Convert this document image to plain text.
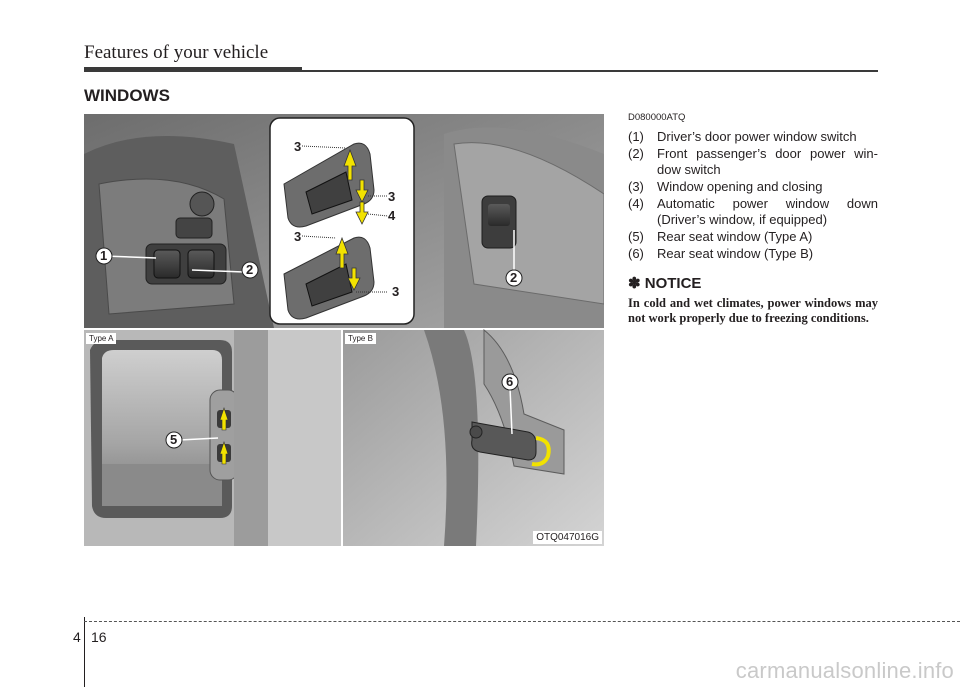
Features of your vehicle
WINDOWS
1
2
2
3
3
4
3
3
5
6
Type A	Type B
OTQ047016G
D080000ATQ
(1)	Driver’s door power window switch
(2)	Front passenger’s door power win-dow switch
(3)	Window opening and closing
(4)	Automatic power window down (Driver’s window, if equipped)
(5)	Rear seat window (Type A)
(6)	Rear seat window (Type B)
✽ NOTICE
In cold and wet climates, power windows may not work properly due to freezing conditions.
4 16
carmanualsonline.info
